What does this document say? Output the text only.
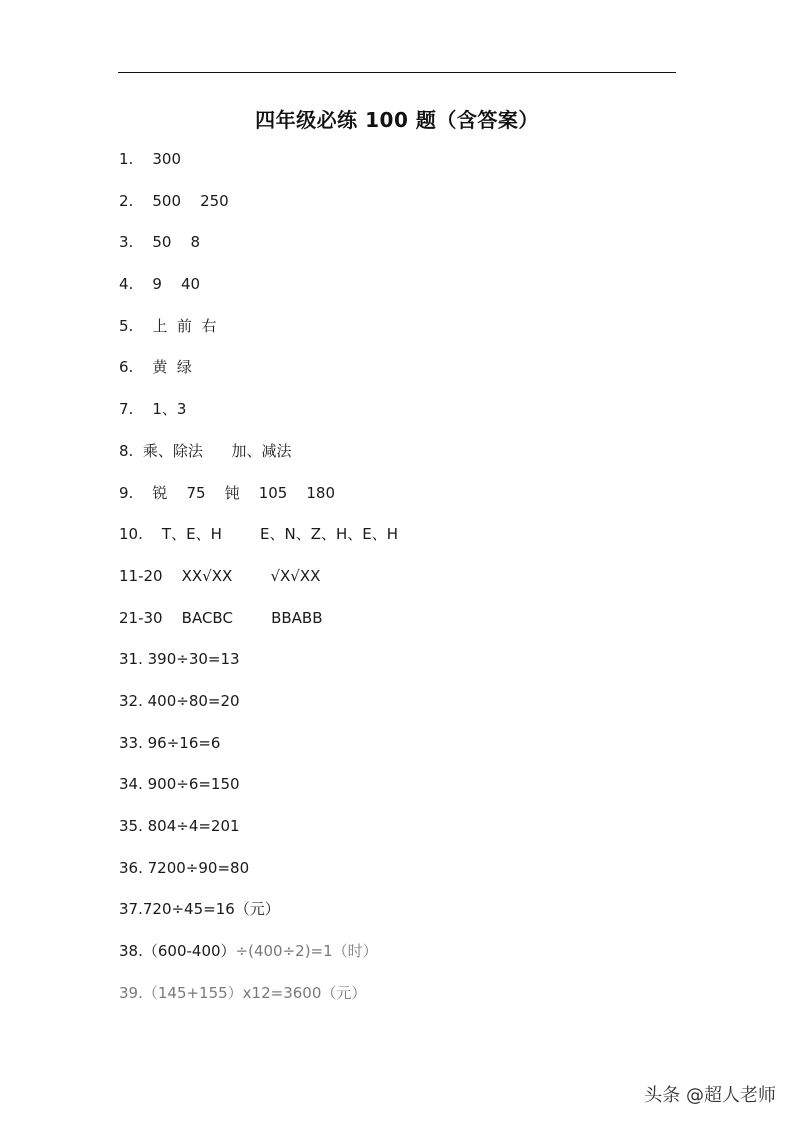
四年级必练 100 题（含答案）
1.    300
2.    500    250
3.    50    8
4.    9    40
5.    上  前  右
6.    黄  绿
7.    1、3
8.  乘、除法      加、减法
9.    锐    75    钝    105    180
10.    T、E、H        E、N、Z、H、E、H
11-20    XX√XX        √X√XX
21-30    BACBC        BBABB
31. 390÷30=13
32. 400÷80=20
33. 96÷16=6
34. 900÷6=150
35. 804÷4=201
36. 7200÷90=80
37.720÷45=16（元）
38.（600-400）÷(400÷2)=1（时）
39.（145+155）x12=3600（元）
头条 @超人老师
